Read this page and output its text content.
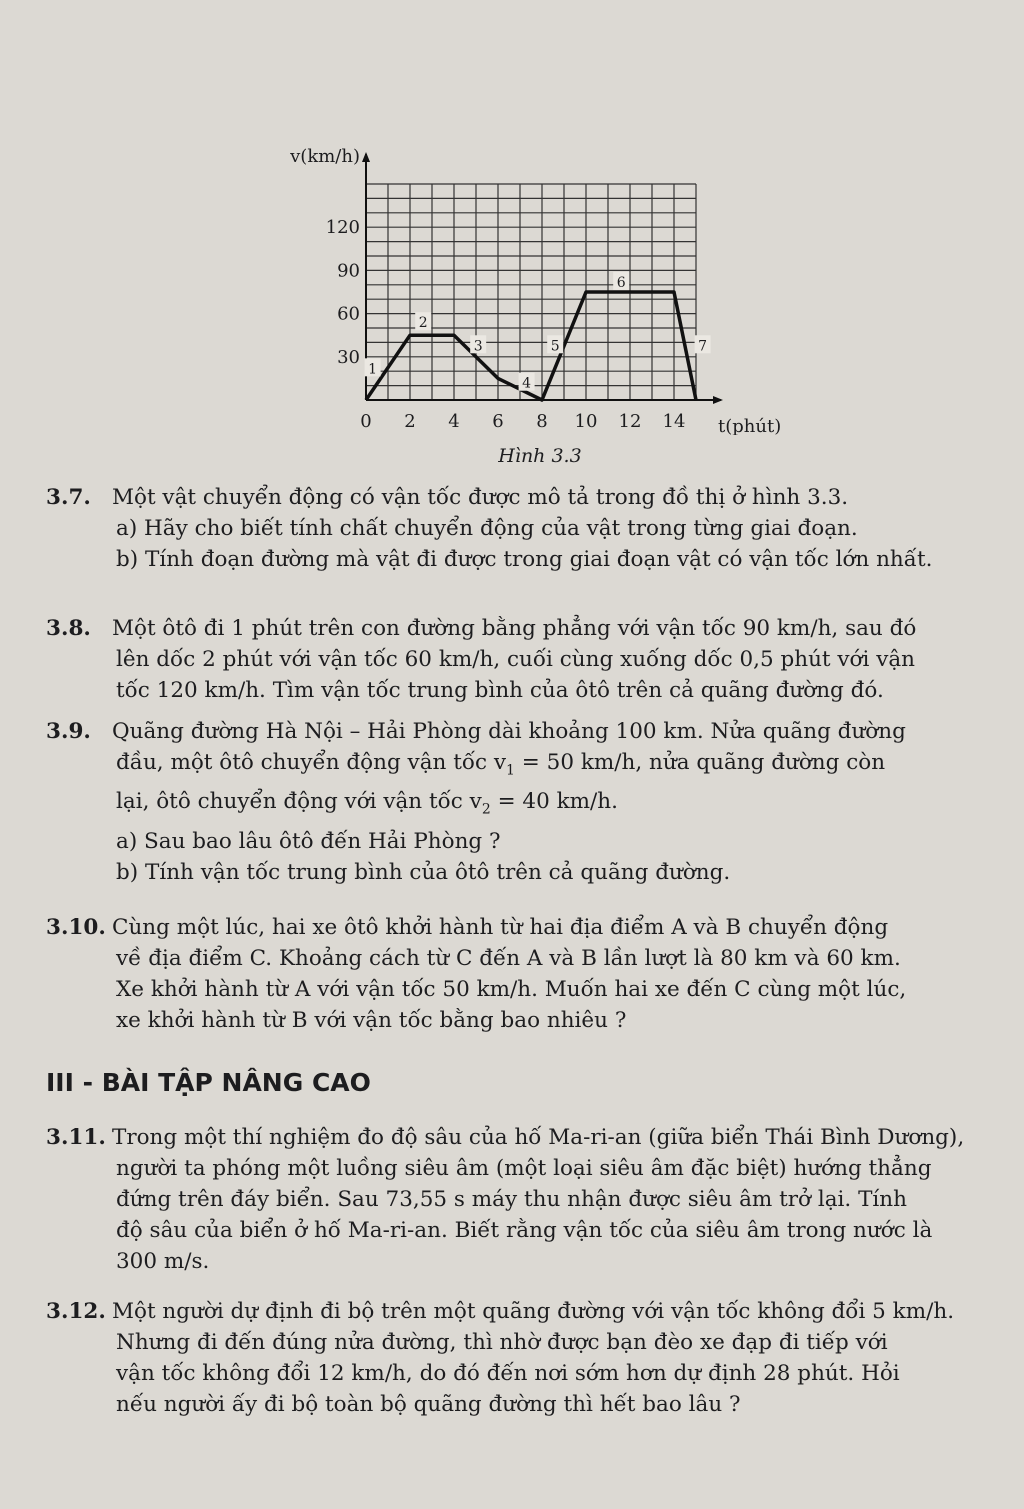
0 2 4 6 8 10 12 14
30
60
90
120
v(km/h)
t(phút)
1
2
3
4
5
6
7
Hình 3.3
3.7. Một vật chuyển động có vận tốc được mô tả trong đồ thị ở hình 3.3.
a) Hãy cho biết tính chất chuyển động của vật trong từng giai đoạn.
b) Tính đoạn đường mà vật đi được trong giai đoạn vật có vận tốc lớn nhất.
3.8. Một ôtô đi 1 phút trên con đường bằng phẳng với vận tốc 90 km/h, sau đó
lên dốc 2 phút với vận tốc 60 km/h, cuối cùng xuống dốc 0,5 phút với vận
tốc 120 km/h. Tìm vận tốc trung bình của ôtô trên cả quãng đường đó.
3.9. Quãng đường Hà Nội – Hải Phòng dài khoảng 100 km. Nửa quãng đường
đầu, một ôtô chuyển động vận tốc $v_1 = 50$ km/h, nửa quãng đường còn
lại, ôtô chuyển động với vận tốc $v_2 = 40$ km/h.
a) Sau bao lâu ôtô đến Hải Phòng ?
b) Tính vận tốc trung bình của ôtô trên cả quãng đường.
3.10. Cùng một lúc, hai xe ôtô khởi hành từ hai địa điểm A và B chuyển động
về địa điểm C. Khoảng cách từ C đến A và B lần lượt là 80 km và 60 km.
Xe khởi hành từ A với vận tốc 50 km/h. Muốn hai xe đến C cùng một lúc,
xe khởi hành từ B với vận tốc bằng bao nhiêu ?
III - BÀI TẬP NÂNG CAO
3.11. Trong một thí nghiệm đo độ sâu của hố Ma-ri-an (giữa biển Thái Bình Dương),
người ta phóng một luồng siêu âm (một loại siêu âm đặc biệt) hướng thẳng
đứng trên đáy biển. Sau 73,55 s máy thu nhận được siêu âm trở lại. Tính
độ sâu của biển ở hố Ma-ri-an. Biết rằng vận tốc của siêu âm trong nước là
300 m/s.
3.12. Một người dự định đi bộ trên một quãng đường với vận tốc không đổi 5 km/h.
Nhưng đi đến đúng nửa đường, thì nhờ được bạn đèo xe đạp đi tiếp với
vận tốc không đổi 12 km/h, do đó đến nơi sớm hơn dự định 28 phút. Hỏi
nếu người ấy đi bộ toàn bộ quãng đường thì hết bao lâu ?
